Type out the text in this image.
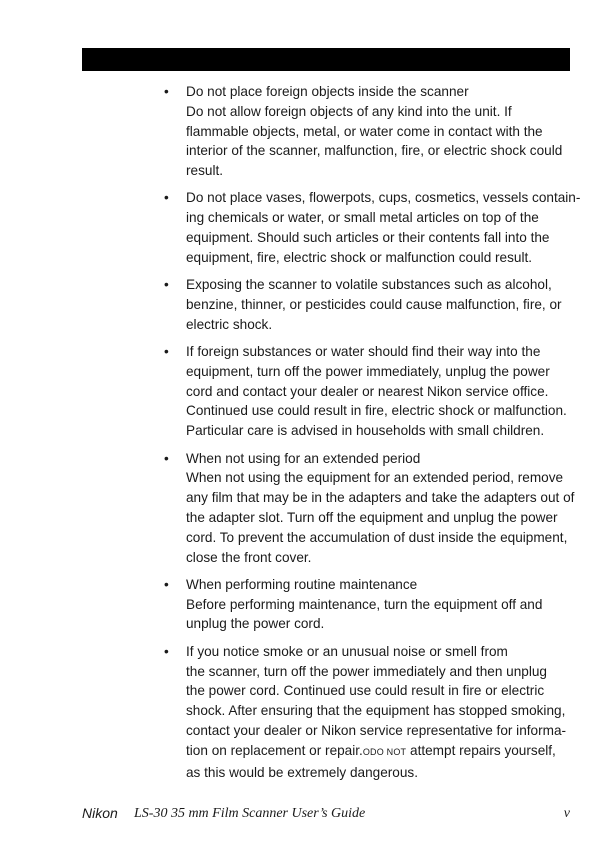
• Do not place foreign objects inside the scanner
Do not allow foreign objects of any kind into the unit. If
flammable objects, metal, or water come in contact with the
interior of the scanner, malfunction, fire, or electric shock could
result.
• Do not place vases, flowerpots, cups, cosmetics, vessels contain-
ing chemicals or water, or small metal articles on top of the
equipment. Should such articles or their contents fall into the
equipment, fire, electric shock or malfunction could result.
• Exposing the scanner to volatile substances such as alcohol,
benzine, thinner, or pesticides could cause malfunction, fire, or
electric shock.
• If foreign substances or water should find their way into the
equipment, turn off the power immediately, unplug the power
cord and contact your dealer or nearest Nikon service office.
Continued use could result in fire, electric shock or malfunction.
Particular care is advised in households with small children.
• When not using for an extended period
When not using the equipment for an extended period, remove
any film that may be in the adapters and take the adapters out of
the adapter slot. Turn off the equipment and unplug the power
cord. To prevent the accumulation of dust inside the equipment,
close the front cover.
• When performing routine maintenance
Before performing maintenance, turn the equipment off and
unplug the power cord.
• If you notice smoke or an unusual noise or smell from
the scanner, turn off the power immediately and then unplug
the power cord. Continued use could result in fire or electric
shock. After ensuring that the equipment has stopped smoking,
contact your dealer or Nikon service representative for informa-
tion on replacement or repair.ODO NOT attempt repairs yourself,
as this would be extremely dangerous.
Nikon LS-30 35 mm Film Scanner User’s Guide	v
